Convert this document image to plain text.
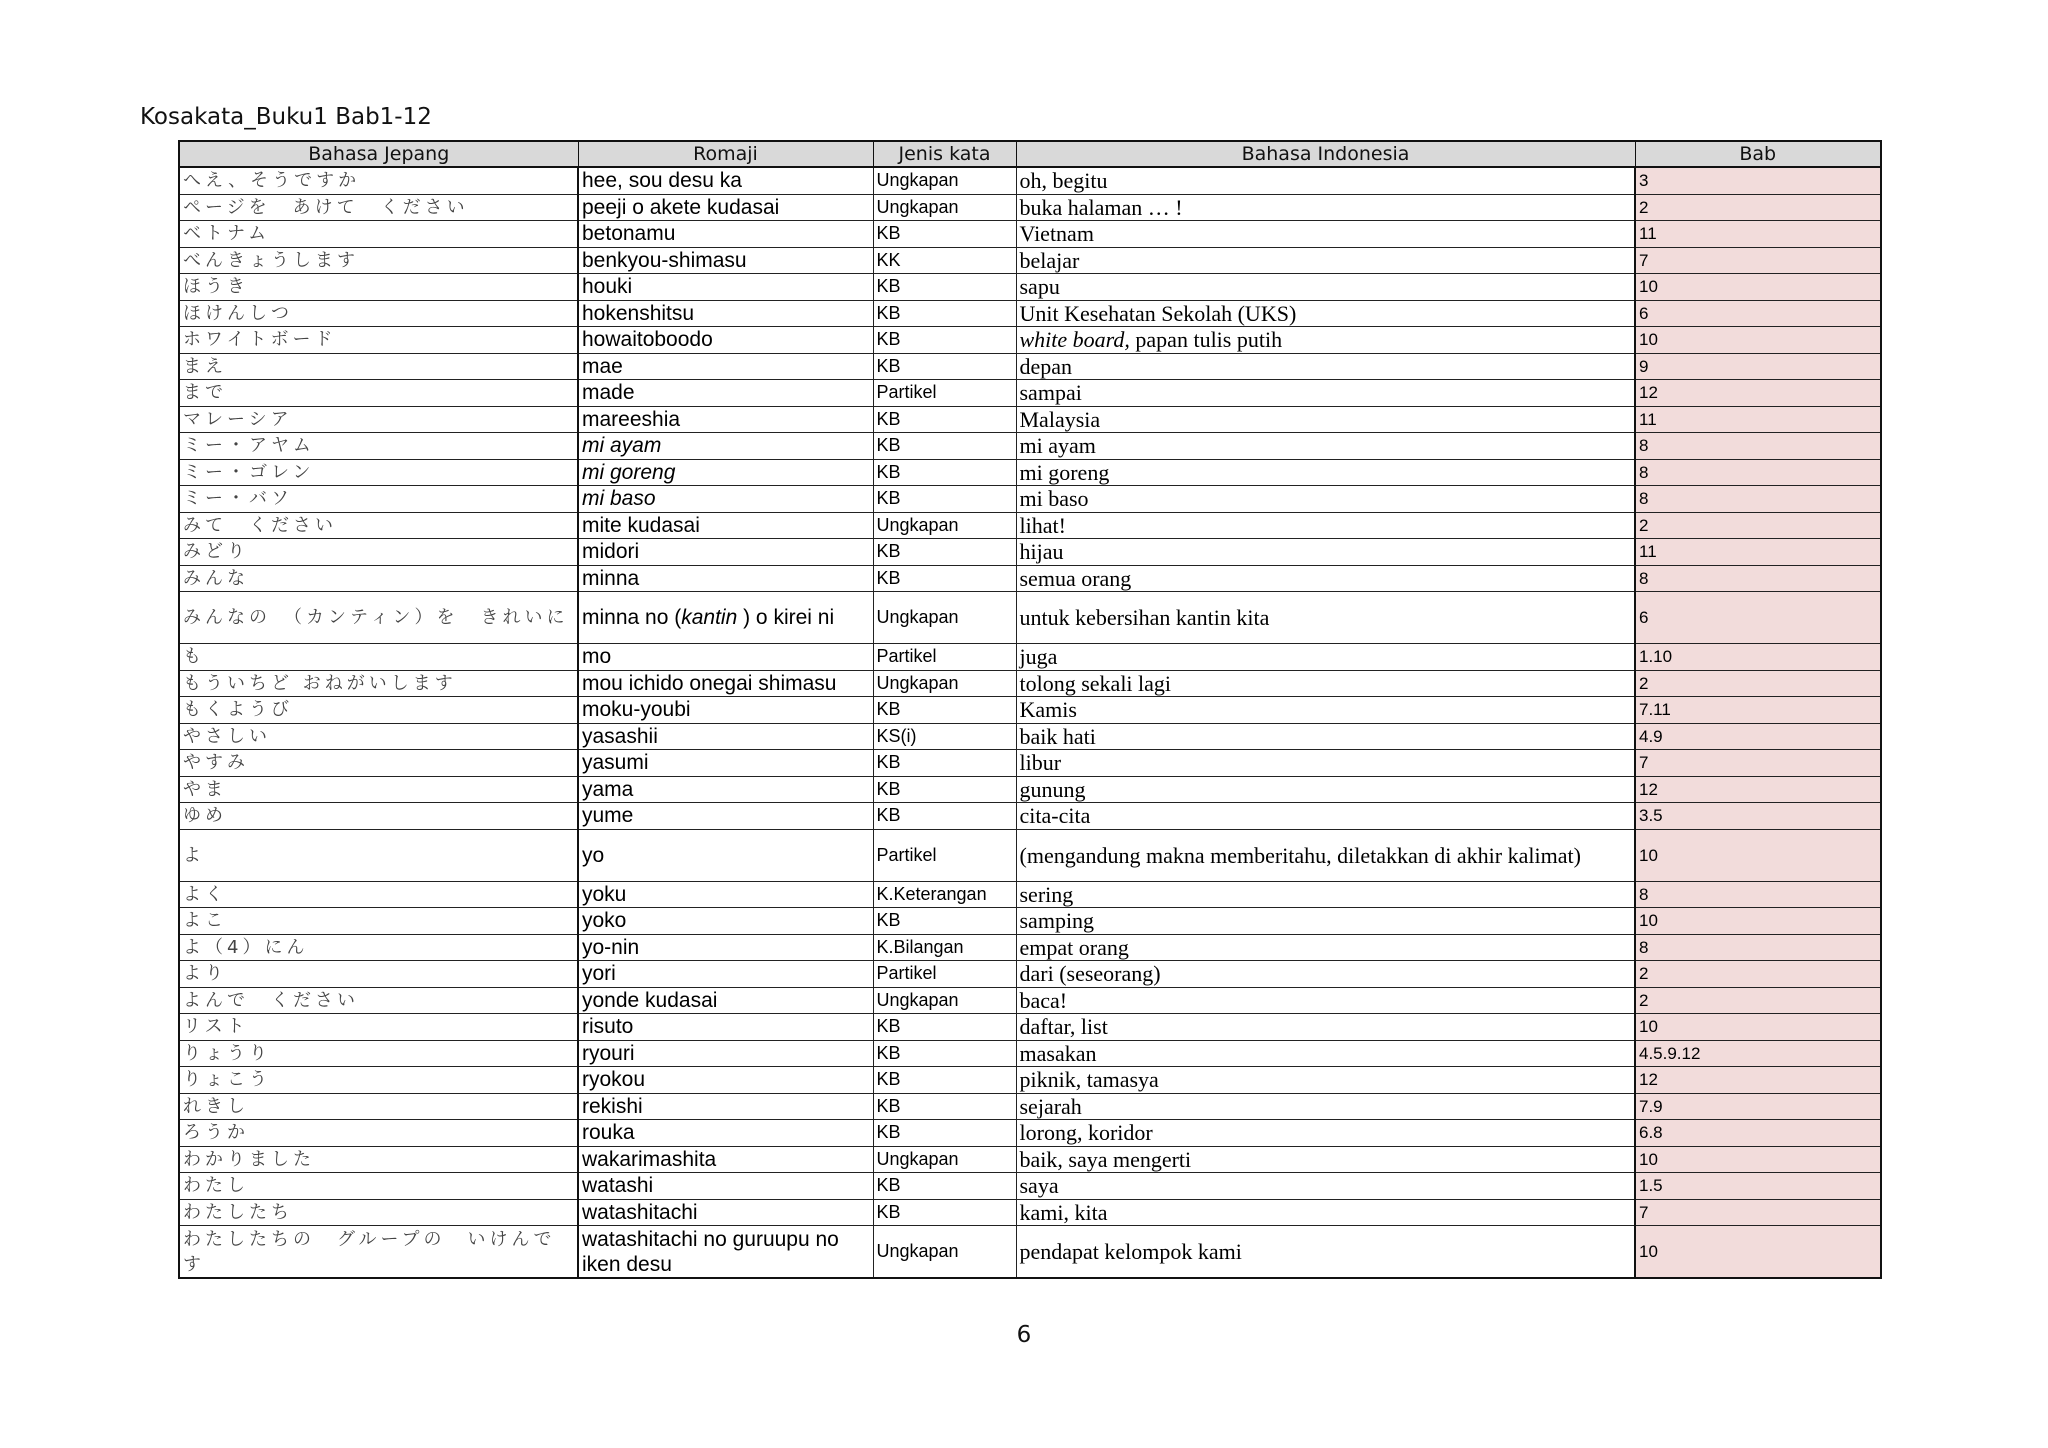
Kosakata_Buku1 Bab1-12
Bahasa Jepang	Romaji	Jenis kata	Bahasa Indonesia	Bab
へえ、そうですか	hee, sou desu ka	Ungkapan	oh, begitu	3
ページを　あけて　ください	peeji o akete kudasai	Ungkapan	buka halaman … !	2
ベトナム	betonamu	KB	Vietnam	11
べんきょうします	benkyou-shimasu	KK	belajar	7
ほうき	houki	KB	sapu	10
ほけんしつ	hokenshitsu	KB	Unit Kesehatan Sekolah (UKS)	6
ホワイトボード	howaitoboodo	KB	white board, papan tulis putih	10
まえ	mae	KB	depan	9
まで	made	Partikel	sampai	12
マレーシア	mareeshia	KB	Malaysia	11
ミー・アヤム	mi ayam	KB	mi ayam	8
ミー・ゴレン	mi goreng	KB	mi goreng	8
ミー・バソ	mi baso	KB	mi baso	8
みて　ください	mite kudasai	Ungkapan	lihat!	2
みどり	midori	KB	hijau	11
みんな	minna	KB	semua orang	8
みんなの　（カンティン）を　きれいに	minna no (kantin ) o kirei ni	Ungkapan	untuk kebersihan kantin kita	6
も	mo	Partikel	juga	1.10
もういちど おねがいします	mou ichido onegai shimasu	Ungkapan	tolong sekali lagi	2
もくようび	moku-youbi	KB	Kamis	7.11
やさしい	yasashii	KS(i)	baik hati	4.9
やすみ	yasumi	KB	libur	7
やま	yama	KB	gunung	12
ゆめ	yume	KB	cita-cita	3.5
よ	yo	Partikel	(mengandung makna memberitahu, diletakkan di akhir kalimat)	10
よく	yoku	K.Keterangan	sering	8
よこ	yoko	KB	samping	10
よ（4）にん	yo-nin	K.Bilangan	empat orang	8
より	yori	Partikel	dari (seseorang)	2
よんで　ください	yonde kudasai	Ungkapan	baca!	2
リスト	risuto	KB	daftar, list	10
りょうり	ryouri	KB	masakan	4.5.9.12
りょこう	ryokou	KB	piknik, tamasya	12
れきし	rekishi	KB	sejarah	7.9
ろうか	rouka	KB	lorong, koridor	6.8
わかりました	wakarimashita	Ungkapan	baik, saya mengerti	10
わたし	watashi	KB	saya	1.5
わたしたち	watashitachi	KB	kami, kita	7
わたしたちの　グループの　いけんです	watashitachi no guruupu no iken desu	Ungkapan	pendapat kelompok kami	10
6
